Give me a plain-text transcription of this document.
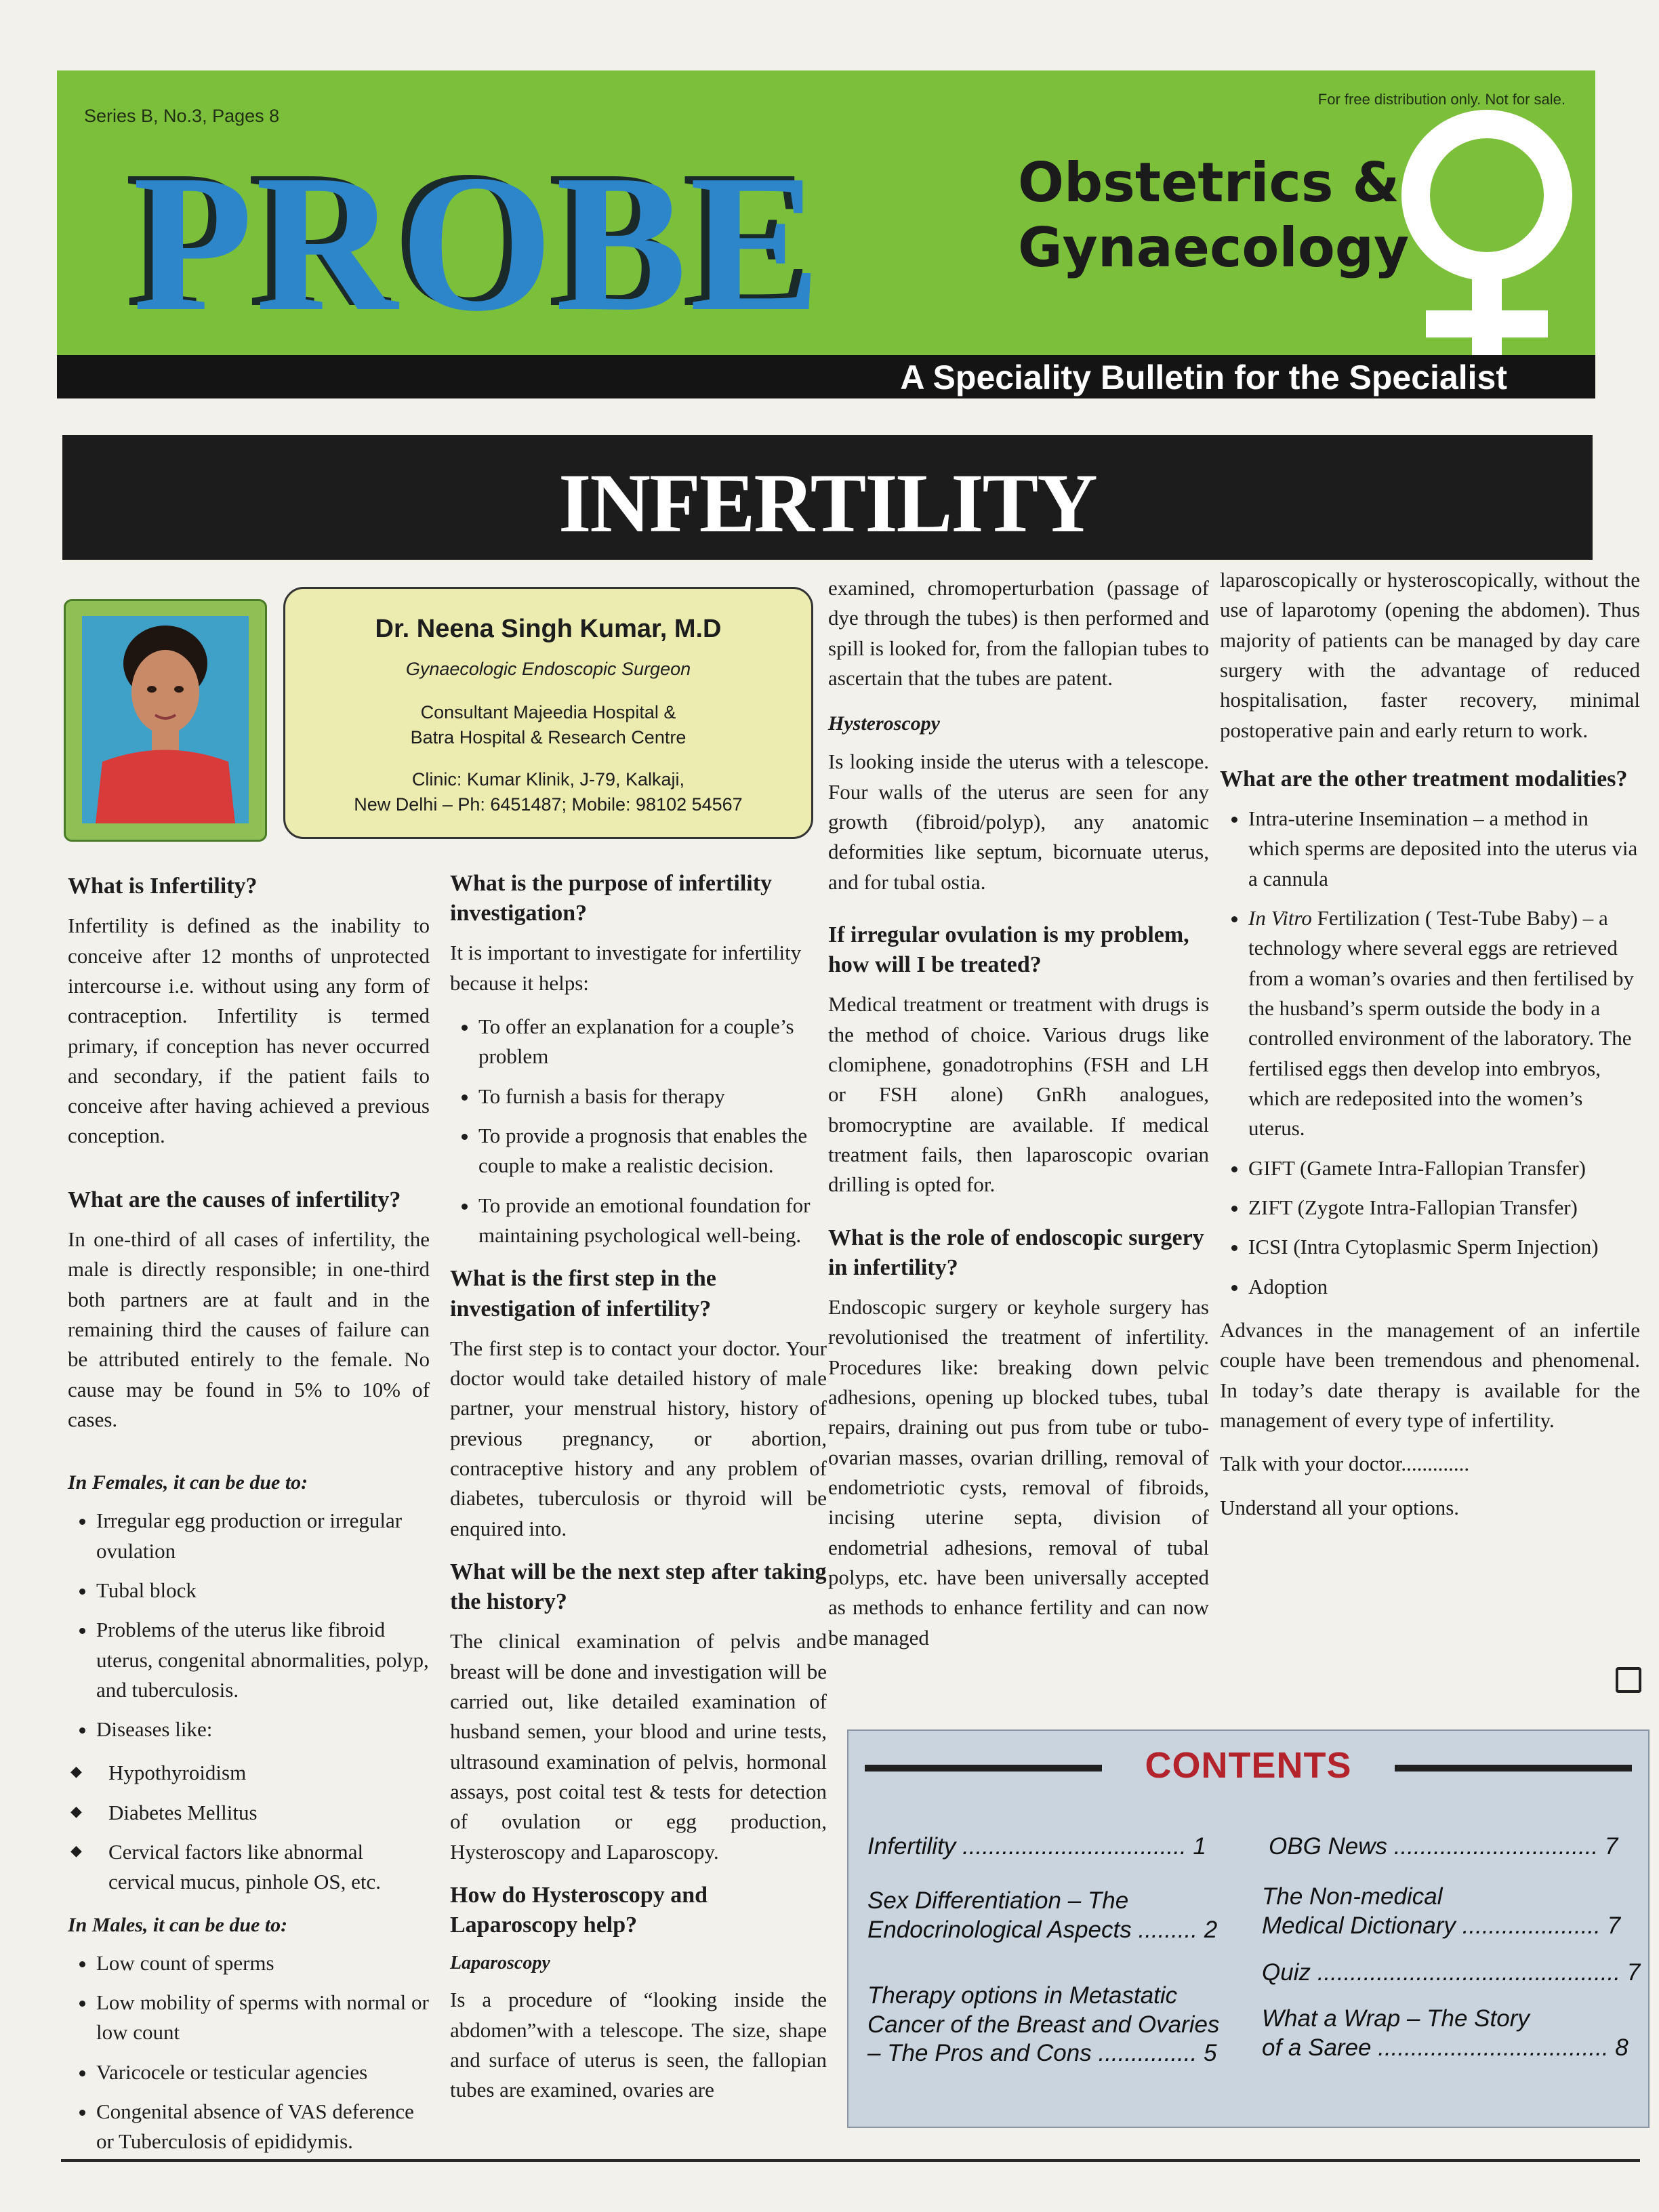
Series B, No.3, Pages 8
For free distribution only. Not for sale.
PROBE	Obstetrics &
Gynaecology
A Speciality Bulletin for the Specialist
INFERTILITY
Dr. Neena Singh Kumar, M.D
Gynaecologic Endoscopic Surgeon
Consultant Majeedia Hospital &
Batra Hospital & Research Centre
Clinic: Kumar Klinik, J-79, Kalkaji,
New Delhi – Ph: 6451487; Mobile: 98102 54567
What is Infertility?

Infertility is defined as the inability to conceive after 12 months of unprotected intercourse i.e. without using any form of contraception. Infertility is termed primary, if conception has never occurred and secondary, if the patient fails to conceive after having achieved a previous conception.

What are the causes of infertility?

In one-third of all cases of infertility, the male is directly responsible; in one-third both partners are at fault and in the remaining third the causes of failure can be attributed entirely to the female. No cause may be found in 5% to 10% of cases.

In Females, it can be due to:
• Irregular egg production or irregular ovulation
• Tubal block
• Problems of the uterus like fibroid uterus, congenital abnormalities, polyp, and tuberculosis.
• Diseases like:
◆ Hypothyroidism
◆ Diabetes Mellitus
◆ Cervical factors like abnormal cervical mucus, pinhole OS, etc.
In Males, it can be due to:
• Low count of sperms
• Low mobility of sperms with normal or low count
• Varicocele or testicular agencies
• Congenital absence of VAS deference or Tuberculosis of epididymis.
What is the purpose of infertility investigation?

It is important to investigate for infertility because it helps:

• To offer an explanation for a couple’s problem
• To furnish a basis for therapy
• To provide a prognosis that enables the couple to make a realistic decision.
• To provide an emotional foundation for maintaining psychological well-being.
What is the first step in the investigation of infertility?

The first step is to contact your doctor. Your doctor would take detailed history of male partner, your menstrual history, history of previous pregnancy, or abortion, contraceptive history and any problem of diabetes, tuberculosis or thyroid will be enquired into.

What will be the next step after taking the history?

The clinical examination of pelvis and breast will be done and investigation will be carried out, like detailed examination of husband semen, your blood and urine tests, ultrasound examination of pelvis, hormonal assays, post coital test & tests for detection of ovulation or egg production, Hysteroscopy and Laparoscopy.

How do Hysteroscopy and Laparoscopy help?
Laparoscopy

Is a procedure of “looking inside the abdomen”with a telescope. The size, shape and surface of uterus is seen, the fallopian tubes are examined, ovaries are

examined, chromoperturbation (passage of dye through the tubes) is then performed and spill is looked for, from the fallopian tubes to ascertain that the tubes are patent.

Hysteroscopy

Is looking inside the uterus with a telescope. Four walls of the uterus are seen for any growth (fibroid/polyp), any anatomic deformities like septum, bicornuate uterus, and for tubal ostia.

If irregular ovulation is my problem, how will I be treated?

Medical treatment or treatment with drugs is the method of choice. Various drugs like clomiphene, gonadotrophins (FSH and LH or FSH alone) GnRh analogues, bromocryptine are available. If medical treatment fails, then laparoscopic ovarian drilling is opted for.

What is the role of endoscopic surgery in infertility?

Endoscopic surgery or keyhole surgery has revolutionised the treatment of infertility. Procedures like: breaking down pelvic adhesions, opening up blocked tubes, tubal repairs, draining out pus from tube or tubo-ovarian masses, ovarian drilling, removal of endometriotic cysts, removal of fibroids, incising uterine septa, division of endometrial adhesions, removal of tubal polyps, etc. have been universally accepted as methods to enhance fertility and can now be managed

laparoscopically or hysteroscopically, without the use of laparotomy (opening the abdomen). Thus majority of patients can be managed by day care surgery with the advantage of reduced hospitalisation, faster recovery, minimal postoperative pain and early return to work.

What are the other treatment modalities?
• Intra-uterine Insemination – a method in which sperms are deposited into the uterus via a cannula
• In Vitro Fertilization ( Test-Tube Baby) – a technology where several eggs are retrieved from a woman’s ovaries and then fertilised by the husband’s sperm outside the body in a controlled environment of the laboratory. The fertilised eggs then develop into embryos, which are redeposited into the women’s uterus.
• GIFT (Gamete Intra-Fallopian Transfer)
• ZIFT (Zygote Intra-Fallopian Transfer)
• ICSI (Intra Cytoplasmic Sperm Injection)
• Adoption

Advances in the management of an infertile couple have been tremendous and phenomenal. In today’s date therapy is available for the management of every type of infertility.

Talk with your doctor.............

Understand all your options.

CONTENTS
Infertility .................................. 1
Sex Differentiation – The
Endocrinological Aspects ......... 2
Therapy options in Metastatic
Cancer of the Breast and Ovaries
– The Pros and Cons ............... 5
OBG News ............................... 7
The Non-medical
Medical Dictionary ..................... 7
Quiz .............................................. 7
What a Wrap – The Story
of a Saree ................................... 8
